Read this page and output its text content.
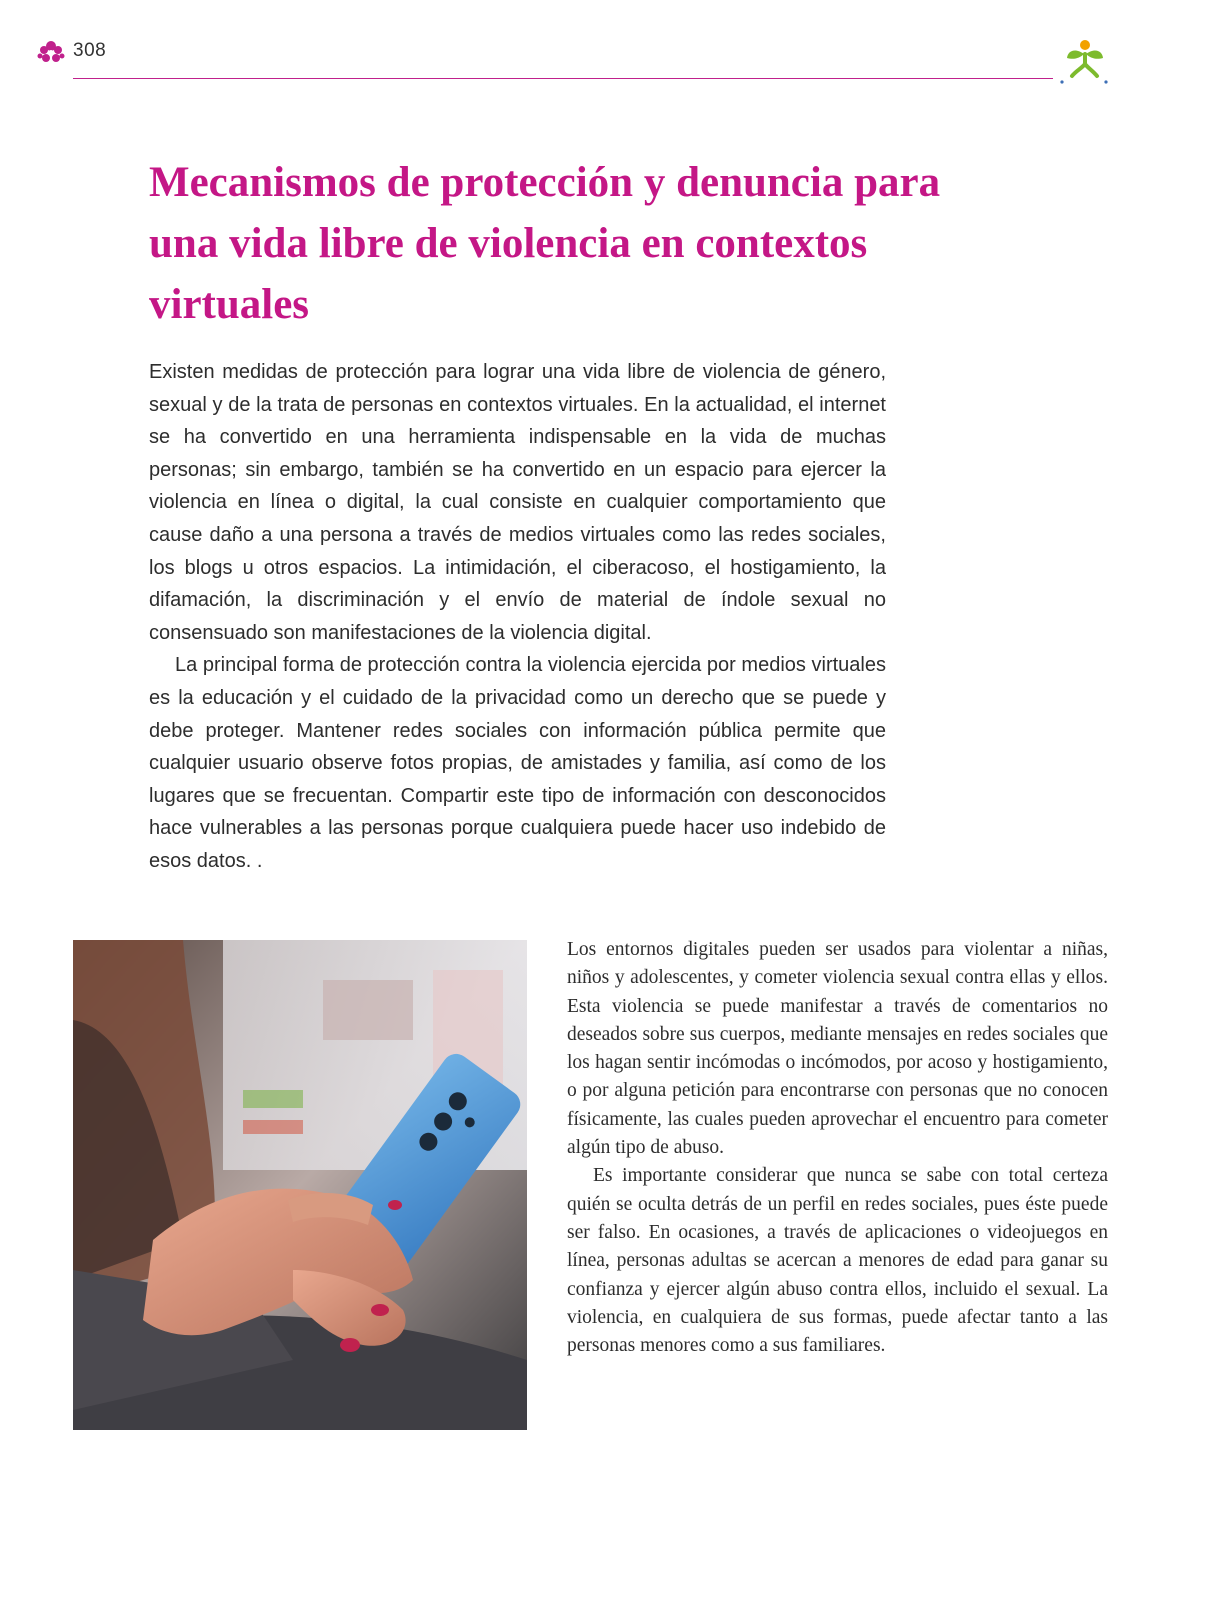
308
Mecanismos de protección y denuncia para una vida libre de violencia en contextos virtuales

Existen medidas de protección para lograr una vida libre de violencia de género, sexual y de la trata de personas en contextos virtuales. En la actualidad, el internet se ha convertido en una herramienta indispensable en la vida de muchas personas; sin embargo, también se ha convertido en un espacio para ejercer la violencia en línea o digital, la cual consiste en cualquier comportamiento que cause daño a una persona a través de medios virtuales como las redes sociales, los blogs u otros espacios. La intimidación, el ciberacoso, el hostigamiento, la difamación, la discriminación y el envío de material de índole sexual no consensuado son manifestaciones de la violencia digital.

La principal forma de protección contra la violencia ejercida por medios virtuales es la educación y el cuidado de la privacidad como un derecho que se puede y debe proteger. Mantener redes sociales con información pública permite que cualquier usuario observe fotos propias, de amistades y familia, así como de los lugares que se frecuentan. Compartir este tipo de información con desconocidos hace vulnerables a las personas porque cualquiera puede hacer uso indebido de esos datos. .

Los entornos digitales pueden ser usados para violentar a niñas, niños y adolescentes, y cometer violencia sexual contra ellas y ellos. Esta violencia se puede manifestar a través de comentarios no deseados sobre sus cuerpos, mediante mensajes en redes sociales que los hagan sentir incómodas o incómodos, por acoso y hostigamiento, o por alguna petición para encontrarse con personas que no conocen físicamente, las cuales pueden aprovechar el encuentro para cometer algún tipo de abuso.

Es importante considerar que nunca se sabe con total certeza quién se oculta detrás de un perfil en redes sociales, pues éste puede ser falso. En ocasiones, a través de aplicaciones o videojuegos en línea, personas adultas se acercan a menores de edad para ganar su confianza y ejercer algún abuso contra ellos, incluido el sexual. La violencia, en cualquiera de sus formas, puede afectar tanto a las personas menores como a sus familiares.
